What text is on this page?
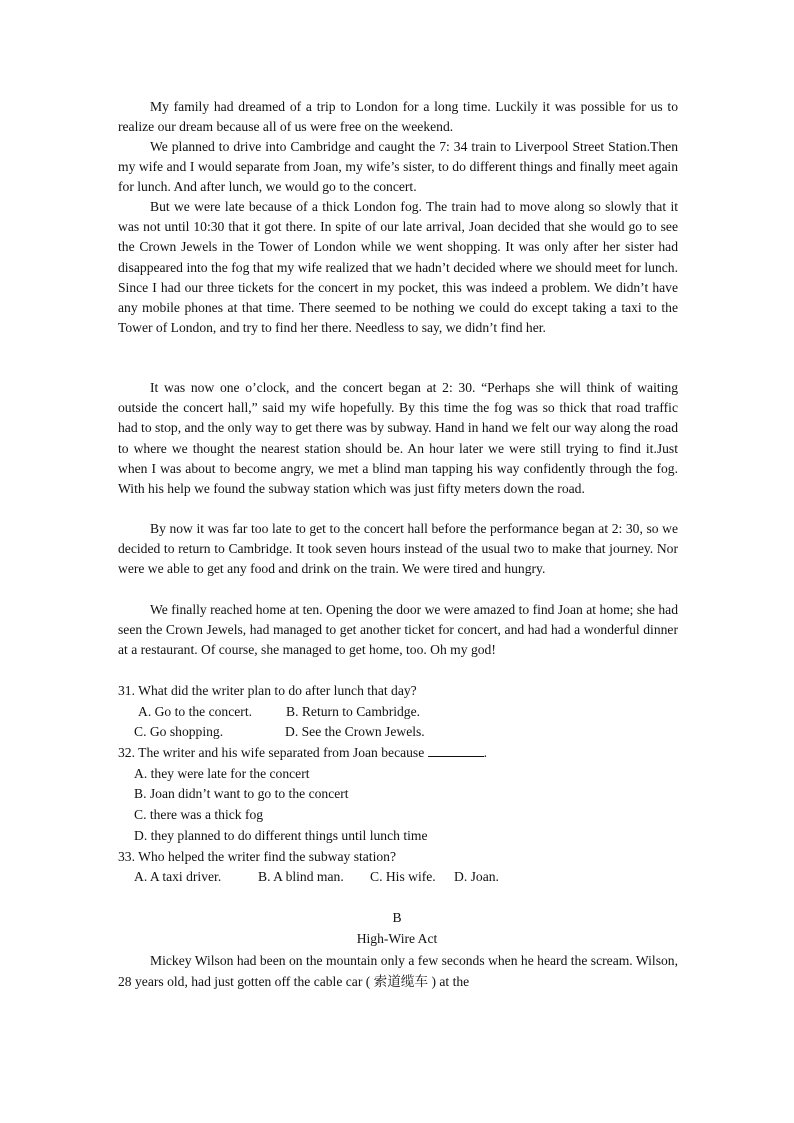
My family had dreamed of a trip to London for a long time. Luckily it was possible for us to realize our dream because all of us were free on the weekend.

We planned to drive into Cambridge and caught the 7: 34 train to Liverpool Street Station.Then my wife and I would separate from Joan, my wife’s sister, to do different things and finally meet again for lunch. And after lunch, we would go to the concert.

But we were late because of a thick London fog. The train had to move along so slowly that it was not until 10:30 that it got there. In spite of our late arrival, Joan decided that she would go to see the Crown Jewels in the Tower of London while we went shopping. It was only after her sister had disappeared into the fog that my wife realized that we hadn’t decided where we should meet for lunch. Since I had our three tickets for the concert in my pocket, this was indeed a problem. We didn’t have any mobile phones at that time. There seemed to be nothing we could do except taking a taxi to the Tower of London, and try to find her there. Needless to say, we didn’t find her.

It was now one o’clock, and the concert began at 2: 30. “Perhaps she will think of waiting outside the concert hall,” said my wife hopefully. By this time the fog was so thick that road traffic had to stop, and the only way to get there was by subway. Hand in hand we felt our way along the road to where we thought the nearest station should be. An hour later we were still trying to find it.Just when I was about to become angry, we met a blind man tapping his way confidently through the fog. With his help we found the subway station which was just fifty meters down the road.

By now it was far too late to get to the concert hall before the performance began at 2: 30, so we decided to return to Cambridge. It took seven hours instead of the usual two to make that journey. Nor were we able to get any food and drink on the train. We were tired and hungry.

We finally reached home at ten. Opening the door we were amazed to find Joan at home; she had seen the Crown Jewels, had managed to get another ticket for concert, and had had a wonderful dinner at a restaurant. Of course, she managed to get home, too. Oh my god!

31. What did the writer plan to do after lunch that day?

A. Go to the concert. B. Return to Cambridge.

C. Go shopping.	D. See the Crown Jewels.

32. The writer and his wife separated from Joan because	.

A. they were late for the concert

B. Joan didn’t want to go to the concert

C. there was a thick fog

D. they planned to do different things until lunch time

33. Who helped the writer find the subway station?

A. A taxi driver.	B. A blind man. C. His wife. D. Joan.

B

High-Wire Act

Mickey Wilson had been on the mountain only a few seconds when he heard the scream. Wilson, 28 years old, had just gotten off the cable car ( 索道缆车 ) at the
